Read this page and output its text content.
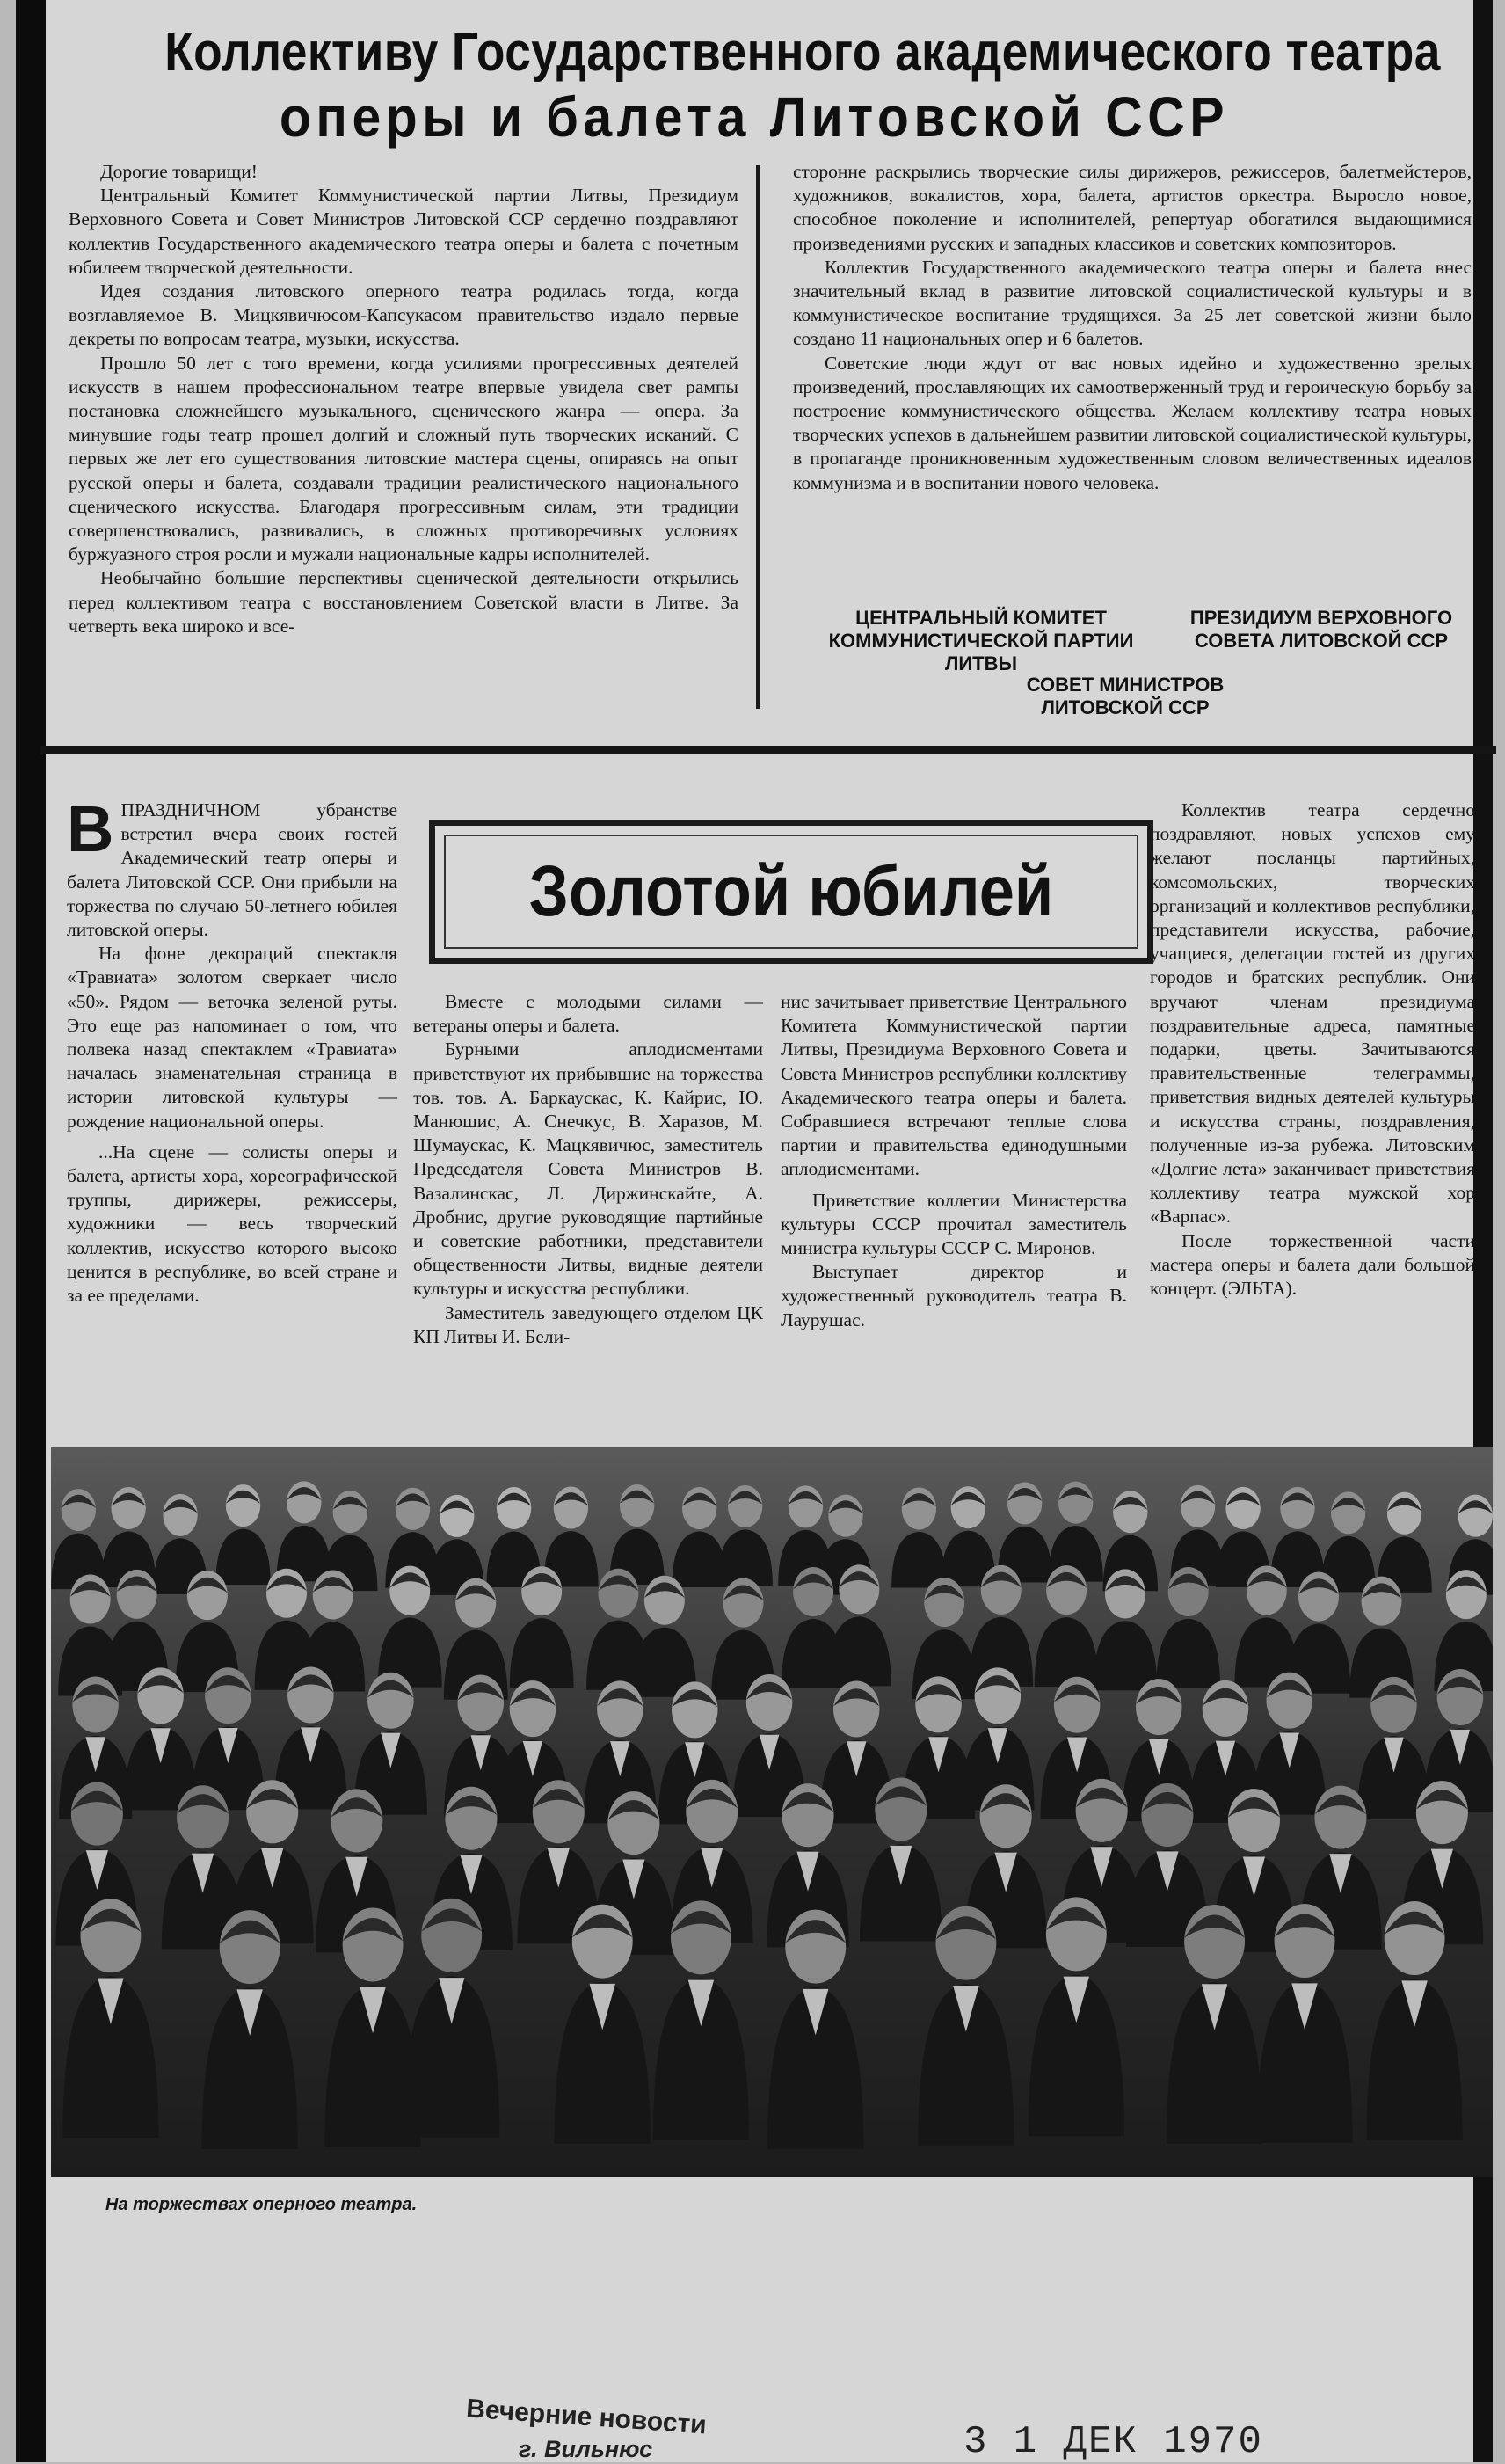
Коллективу Государственного академического театра
оперы и балета Литовской ССР

Дорогие товарищи!

Центральный Комитет Коммунистической партии Литвы, Президиум Верховного Совета и Совет Министров Литовской ССР сердечно поздравляют коллектив Государственного академического театра оперы и балета с почетным юбилеем творческой деятельности.

Идея создания литовского оперного театра родилась тогда, когда возглавляемое В. Мицкявичюсом-Капсукасом правительство издало первые декреты по вопросам театра, музыки, искусства.

Прошло 50 лет с того времени, когда усилиями прогрессивных деятелей искусств в нашем профессиональном театре впервые увидела свет рампы постановка сложнейшего музыкального, сценического жанра — опера. За минувшие годы театр прошел долгий и сложный путь творческих исканий. С первых же лет его существования литовские мастера сцены, опираясь на опыт русской оперы и балета, создавали традиции реалистического национального сценического искусства. Благодаря прогрессивным силам, эти традиции совершенствовались, развивались, в сложных противоречивых условиях буржуазного строя росли и мужали национальные кадры исполнителей.

Необычайно большие перспективы сценической деятельности открылись перед коллективом театра с восстановлением Советской власти в Литве. За четверть века широко и все-

сторонне раскрылись творческие силы дирижеров, режиссеров, балетмейстеров, художников, вокалистов, хора, балета, артистов оркестра. Выросло новое, способное поколение и исполнителей, репертуар обогатился выдающимися произведениями русских и западных классиков и советских композиторов.

Коллектив Государственного академического театра оперы и балета внес значительный вклад в развитие литовской социалистической культуры и в коммунистическое воспитание трудящихся. За 25 лет советской жизни было создано 11 национальных опер и 6 балетов.

Советские люди ждут от вас новых идейно и художественно зрелых произведений, прославляющих их самоотверженный труд и героическую борьбу за построение коммунистического общества. Желаем коллективу театра новых творческих успехов в дальнейшем развитии литовской социалистической культуры, в пропаганде проникновенным художественным словом величественных идеалов коммунизма и в воспитании нового человека.

ЦЕНТРАЛЬНЫЙ КОМИТЕТ КОММУНИСТИЧЕСКОЙ ПАРТИИ ЛИТВЫ
ПРЕЗИДИУМ ВЕРХОВНОГО СОВЕТА ЛИТОВСКОЙ ССР
СОВЕТ МИНИСТРОВ ЛИТОВСКОЙ ССР
Золотой юбилей

ВПРАЗДНИЧНОМ убранстве встретил вчера своих гостей Академический театр оперы и балета Литовской ССР. Они прибыли на торжества по случаю 50-летнего юбилея литовской оперы.

На фоне декораций спектакля «Травиата» золотом сверкает число «50». Рядом — веточка зеленой руты. Это еще раз напоминает о том, что полвека назад спектаклем «Травиата» началась знаменательная страница в истории литовской культуры — рождение национальной оперы.

...На сцене — солисты оперы и балета, артисты хора, хореографической труппы, дирижеры, режиссеры, художники — весь творческий коллектив, искусство которого высоко ценится в республике, во всей стране и за ее пределами.

Вместе с молодыми силами — ветераны оперы и балета.

Бурными аплодисментами приветствуют их прибывшие на торжества тов. тов. А. Баркаускас, К. Кайрис, Ю. Манюшис, А. Снечкус, В. Харазов, М. Шумаускас, К. Мацкявичюс, заместитель Председателя Совета Министров В. Вазалинскас, Л. Диржинскайте, А. Дробнис, другие руководящие партийные и советские работники, представители общественности Литвы, видные деятели культуры и искусства республики.

Заместитель заведующего отделом ЦК КП Литвы И. Бели-

нис зачитывает приветствие Центрального Комитета Коммунистической партии Литвы, Президиума Верховного Совета и Совета Министров республики коллективу Академического театра оперы и балета. Собравшиеся встречают теплые слова партии и правительства единодушными аплодисментами.

Приветствие коллегии Министерства культуры СССР прочитал заместитель министра культуры СССР С. Миронов.

Выступает директор и художественный руководитель театра В. Лаурушас.

Коллектив театра сердечно поздравляют, новых успехов ему желают посланцы партийных, комсомольских, творческих организаций и коллективов республики, представители искусства, рабочие, учащиеся, делегации гостей из других городов и братских республик. Они вручают членам президиума поздравительные адреса, памятные подарки, цветы. Зачитываются правительственные телеграммы, приветствия видных деятелей культуры и искусства страны, поздравления, полученные из-за рубежа. Литовским «Долгие лета» заканчивает приветствия коллективу театра мужской хор «Варпас».

После торжественной части мастера оперы и балета дали большой концерт. (ЭЛЬТА).

На торжествах оперного театра.
Вечерние новости
г. Вильнюс	3 1 ДЕК 1970
